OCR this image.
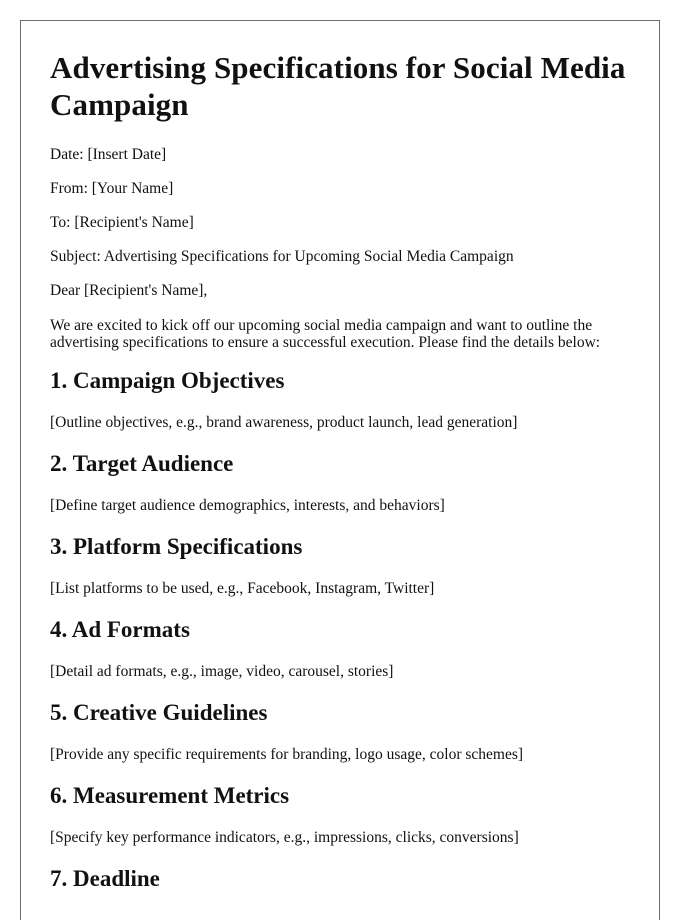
Advertising Specifications for Social Media Campaign

Date: [Insert Date]

From: [Your Name]

To: [Recipient's Name]

Subject: Advertising Specifications for Upcoming Social Media Campaign

Dear [Recipient's Name],

We are excited to kick off our upcoming social media campaign and want to outline the advertising specifications to ensure a successful execution. Please find the details below:

1. Campaign Objectives

[Outline objectives, e.g., brand awareness, product launch, lead generation]

2. Target Audience

[Define target audience demographics, interests, and behaviors]

3. Platform Specifications

[List platforms to be used, e.g., Facebook, Instagram, Twitter]

4. Ad Formats

[Detail ad formats, e.g., image, video, carousel, stories]

5. Creative Guidelines

[Provide any specific requirements for branding, logo usage, color schemes]

6. Measurement Metrics

[Specify key performance indicators, e.g., impressions, clicks, conversions]

7. Deadline
